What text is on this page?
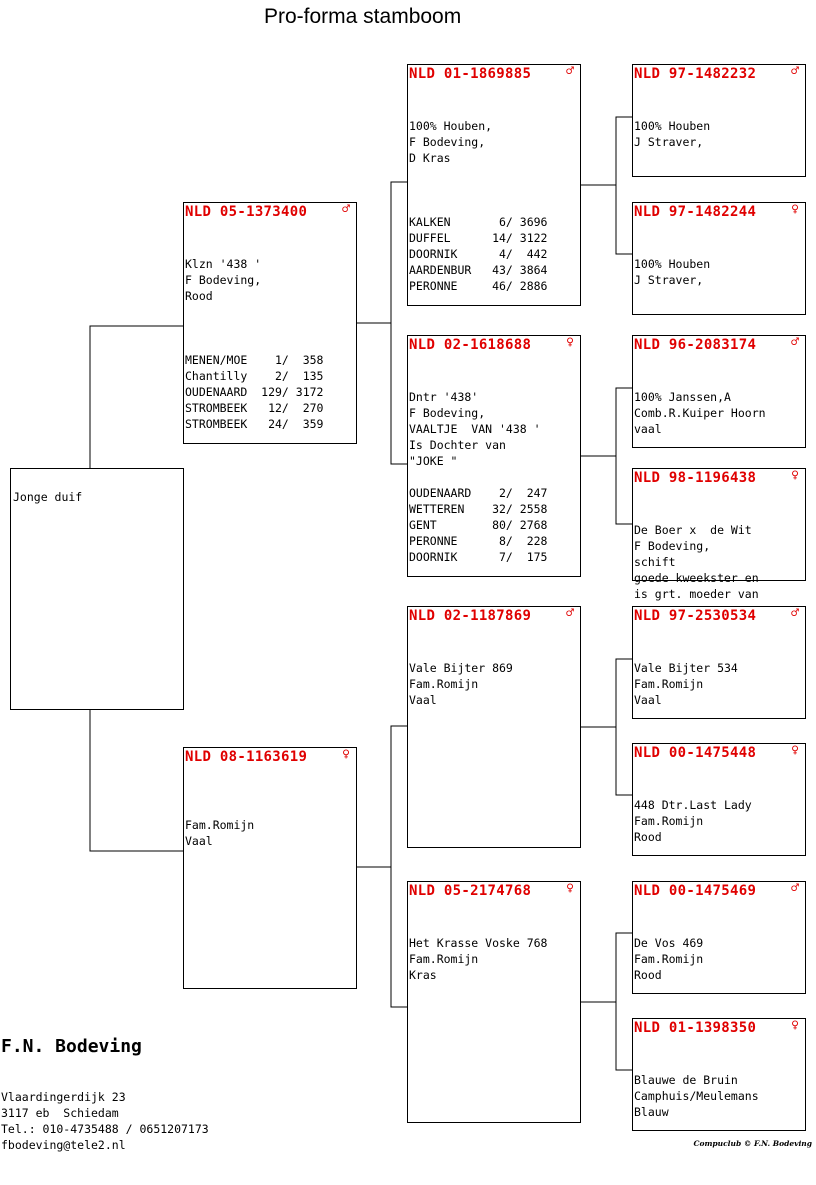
Pro-forma stamboom
Jonge duif
NLD 05-1373400	♂

Klzn '438 '
F Bodeving,
Rood

MENEN/MOE    1/  358
Chantilly    2/  135
OUDENAARD  129/ 3172
STROMBEEK   12/  270
STROMBEEK   24/  359
NLD 08-1163619	♀

Fam.Romijn
Vaal

NLD 01-1869885	♂

100% Houben,
F Bodeving,
D Kras

KALKEN       6/ 3696
DUFFEL      14/ 3122
DOORNIK      4/  442
AARDENBUR   43/ 3864
PERONNE     46/ 2886
NLD 02-1618688	♀

Dntr '438'
F Bodeving,
VAALTJE  VAN '438 '
Is Dochter van
"JOKE "

OUDENAARD    2/  247
WETTEREN    32/ 2558
GENT        80/ 2768
PERONNE      8/  228
DOORNIK      7/  175
NLD 02-1187869	♂

Vale Bijter 869
Fam.Romijn
Vaal

NLD 05-2174768	♀

Het Krasse Voske 768
Fam.Romijn
Kras

NLD 97-1482232	♂

100% Houben
J Straver,

NLD 97-1482244	♀

100% Houben
J Straver,

NLD 96-2083174	♂

100% Janssen,A
Comb.R.Kuiper Hoorn
vaal

NLD 98-1196438	♀

De Boer x  de Wit
F Bodeving,
schift
goede kweekster en
is grt. moeder van

NLD 97-2530534	♂

Vale Bijter 534
Fam.Romijn
Vaal

NLD 00-1475448	♀

448 Dtr.Last Lady
Fam.Romijn
Rood

NLD 00-1475469	♂

De Vos 469
Fam.Romijn
Rood

NLD 01-1398350	♀

Blauwe de Bruin
Camphuis/Meulemans
Blauw

F.N. Bodeving

Vlaardingerdijk 23
3117 eb  Schiedam
Tel.: 010-4735488 / 0651207173
fbodeving@tele2.nl

	Compuclub © F.N. Bodeving
